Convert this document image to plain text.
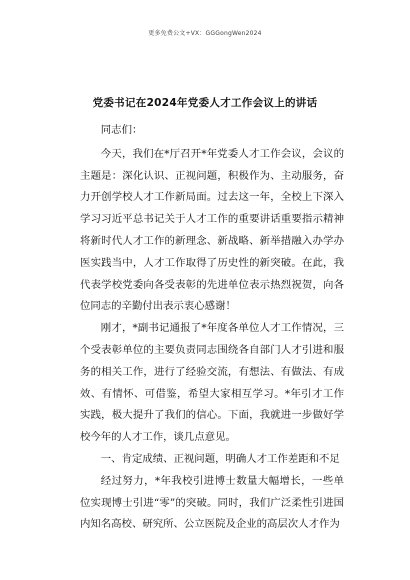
更多免费公文+VX：GGGongWen2024
党委书记在2024年党委人才工作会议上的讲话

同志们：

今天，我们在*厅召开*年党委人才工作会议，会议的主题是：深化认识、正视问题，积极作为、主动服务，奋力开创学校人才工作新局面。过去这一年，全校上下深入学习习近平总书记关于人才工作的重要讲话重要指示精神将新时代人才工作的新理念、新战略、新举措融入办学办医实践当中，人才工作取得了历史性的新突破。在此，我代表学校党委向各受表彰的先进单位表示热烈祝贺，向各位同志的辛勤付出表示衷心感谢！

刚才，*副书记通报了*年度各单位人才工作情况，三个受表彰单位的主要负责同志围绕各自部门人才引进和服务的相关工作，进行了经验交流，有想法、有做法、有成效、有情怀、可借鉴，希望大家相互学习。*年引才工作实践，极大提升了我们的信心。下面，我就进一步做好学校今年的人才工作，谈几点意见。

一、肯定成绩、正视问题，明确人才工作差距和不足

经过努力，*年我校引进博士数量大幅增长，一些单位实现博士引进“零”的突破。同时，我们广泛柔性引进国内知名高校、研究所、公立医院及企业的高层次人才作为
